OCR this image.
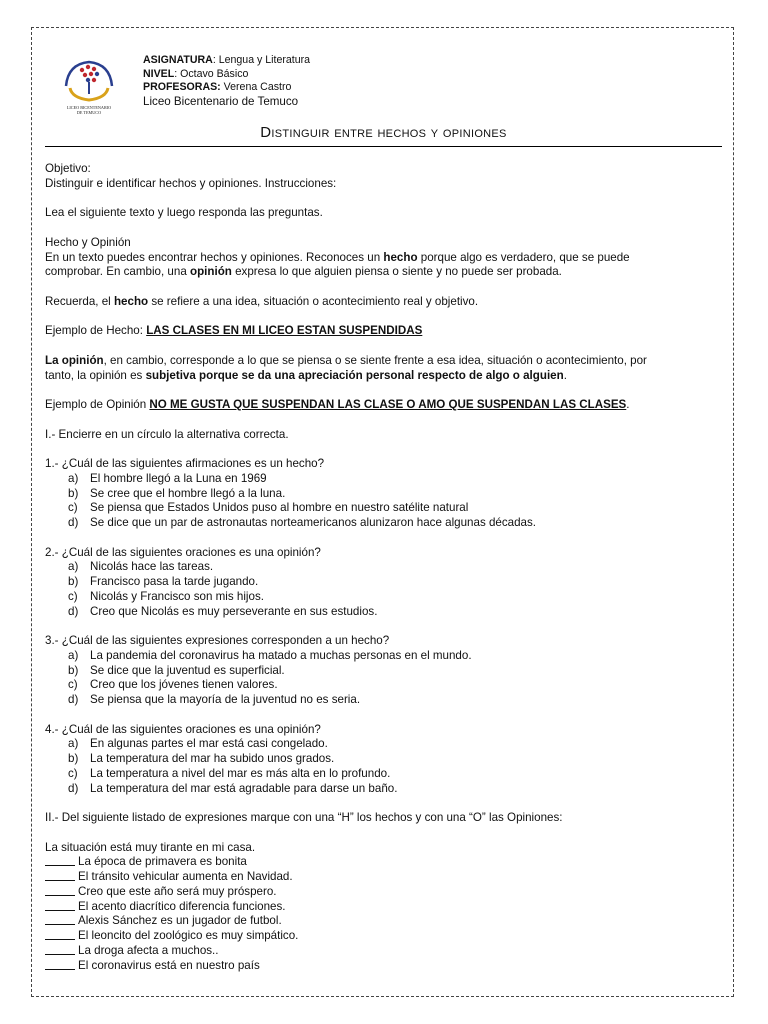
LICEO BICENTENARIO
DE TEMUCO
ASIGNATURA: Lengua y Literatura
NIVEL: Octavo Básico
PROFESORAS: Verena Castro
Liceo Bicentenario de Temuco
Distinguir entre hechos y opiniones

Objetivo:

Distinguir e identificar hechos y opiniones. Instrucciones:

Lea el siguiente texto y luego responda las preguntas.

Hecho y Opinión

En un texto puedes encontrar hechos y opiniones. Reconoces un hecho porque algo es verdadero, que se puede

comprobar. En cambio, una opinión expresa lo que alguien piensa o siente y no puede ser probada.

Recuerda, el hecho se refiere a una idea, situación o acontecimiento real y objetivo.

Ejemplo de Hecho: LAS CLASES EN MI LICEO ESTAN SUSPENDIDAS

La opinión, en cambio, corresponde a lo que se piensa o se siente frente a esa idea, situación o acontecimiento, por

tanto, la opinión es subjetiva porque se da una apreciación personal respecto de algo o alguien.

Ejemplo de Opinión NO ME GUSTA QUE SUSPENDAN LAS CLASE O AMO QUE SUSPENDAN LAS CLASES.

I.- Encierre en un círculo la alternativa correcta.

1.- ¿Cuál de las siguientes afirmaciones es un hecho?

a) El hombre llegó a la Luna en 1969

b) Se cree que el hombre llegó a la luna.

c) Se piensa que Estados Unidos puso al hombre en nuestro satélite natural

d) Se dice que un par de astronautas norteamericanos alunizaron hace algunas décadas.

2.- ¿Cuál de las siguientes oraciones es una opinión?

a) Nicolás hace las tareas.

b) Francisco pasa la tarde jugando.

c) Nicolás y Francisco son mis hijos.

d) Creo que Nicolás es muy perseverante en sus estudios.

3.- ¿Cuál de las siguientes expresiones corresponden a un hecho?

a) La pandemia del coronavirus ha matado a muchas personas en el mundo.

b) Se dice que la juventud es superficial.

c) Creo que los jóvenes tienen valores.

d) Se piensa que la mayoría de la juventud no es seria.

4.- ¿Cuál de las siguientes oraciones es una opinión?

a) En algunas partes el mar está casi congelado.

b) La temperatura del mar ha subido unos grados.

c) La temperatura a nivel del mar es más alta en lo profundo.

d) La temperatura del mar está agradable para darse un baño.

II.- Del siguiente listado de expresiones marque con una “H” los hechos y con una “O” las Opiniones:

La situación está muy tirante en mi casa.

La época de primavera es bonita

El tránsito vehicular aumenta en Navidad.

Creo que este año será muy próspero.

El acento diacrítico diferencia funciones.

Alexis Sánchez es un jugador de futbol.

El leoncito del zoológico es muy simpático.

La droga afecta a muchos..

El coronavirus está en nuestro país
